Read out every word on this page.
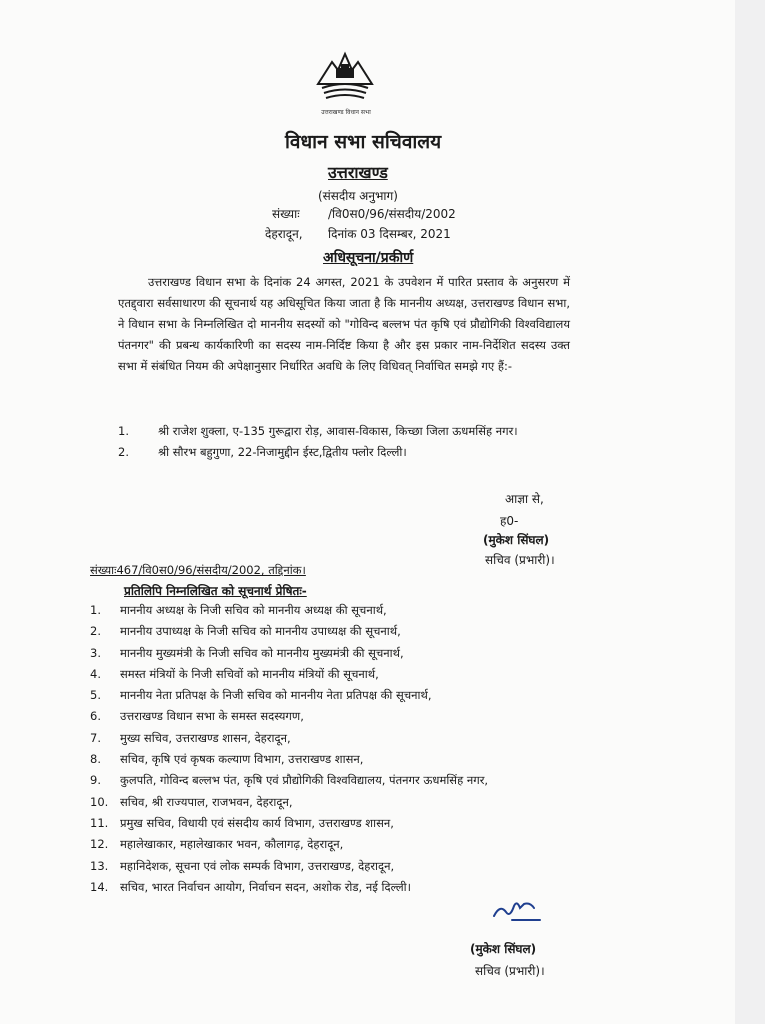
उत्तराखण्ड विधान सभा
विधान सभा सचिवालय
उत्तराखण्ड
(संसदीय अनुभाग)
संख्याः /वि0स0/96/संसदीय/2002
देहरादून, दिनांक 03 दिसम्बर, 2021
अधिसूचना/प्रकीर्ण
उत्तराखण्ड विधान सभा के दिनांक 24 अगस्त, 2021 के उपवेशन में पारित प्रस्ताव के अनुसरण में एतद्द्वारा सर्वसाधारण की सूचनार्थ यह अधिसूचित किया जाता है कि माननीय अध्यक्ष, उत्तराखण्ड विधान सभा, ने विधान सभा के निम्नलिखित दो माननीय सदस्यों को "गोविन्द बल्लभ पंत कृषि एवं प्रौद्योगिकी विश्वविद्यालय पंतनगर" की प्रबन्ध कार्यकारिणी का सदस्य नाम-निर्दिष्ट किया है और इस प्रकार नाम-निर्देशित सदस्य उक्त सभा में संबंधित नियम की अपेक्षानुसार निर्धारित अवधि के लिए विधिवत् निर्वाचित समझे गए हैं:-
1.	श्री राजेश शुक्ला, ए-135 गुरूद्वारा रोड़, आवास-विकास, किच्छा जिला ऊधमसिंह नगर।
2.	श्री सौरभ बहुगुणा, 22-निजामुद्दीन ईस्ट,द्वितीय फ्लोर दिल्ली।
आज्ञा से,
ह0-
(मुकेश सिंघल)
सचिव (प्रभारी)।
संख्याः467/वि0स0/96/संसदीय/2002, तद्दिनांक।
प्रतिलिपि निम्नलिखित को सूचनार्थ प्रेषितः-
1.	माननीय अध्यक्ष के निजी सचिव को माननीय अध्यक्ष की सूचनार्थ,
2.	माननीय उपाध्यक्ष के निजी सचिव को माननीय उपाध्यक्ष की सूचनार्थ,
3.	माननीय मुख्यमंत्री के निजी सचिव को माननीय मुख्यमंत्री की सूचनार्थ,
4.	समस्त मंत्रियों के निजी सचिवों को माननीय मंत्रियों की सूचनार्थ,
5.	माननीय नेता प्रतिपक्ष के निजी सचिव को माननीय नेता प्रतिपक्ष की सूचनार्थ,
6.	उत्तराखण्ड विधान सभा के समस्त सदस्यगण,
7.	मुख्य सचिव, उत्तराखण्ड शासन, देहरादून,
8.	सचिव, कृषि एवं कृषक कल्याण विभाग, उत्तराखण्ड शासन,
9.	कुलपति, गोविन्द बल्लभ पंत, कृषि एवं प्रौद्योगिकी विश्वविद्यालय, पंतनगर ऊधमसिंह नगर,
10.	सचिव, श्री राज्यपाल, राजभवन, देहरादून,
11.	प्रमुख सचिव, विधायी एवं संसदीय कार्य विभाग, उत्तराखण्ड शासन,
12.	महालेखाकार, महालेखाकार भवन, कौलागढ़, देहरादून,
13.	महानिदेशक, सूचना एवं लोक सम्पर्क विभाग, उत्तराखण्ड, देहरादून,
14.	सचिव, भारत निर्वाचन आयोग, निर्वाचन सदन, अशोक रोड, नई दिल्ली।
(मुकेश सिंघल)
सचिव (प्रभारी)।
